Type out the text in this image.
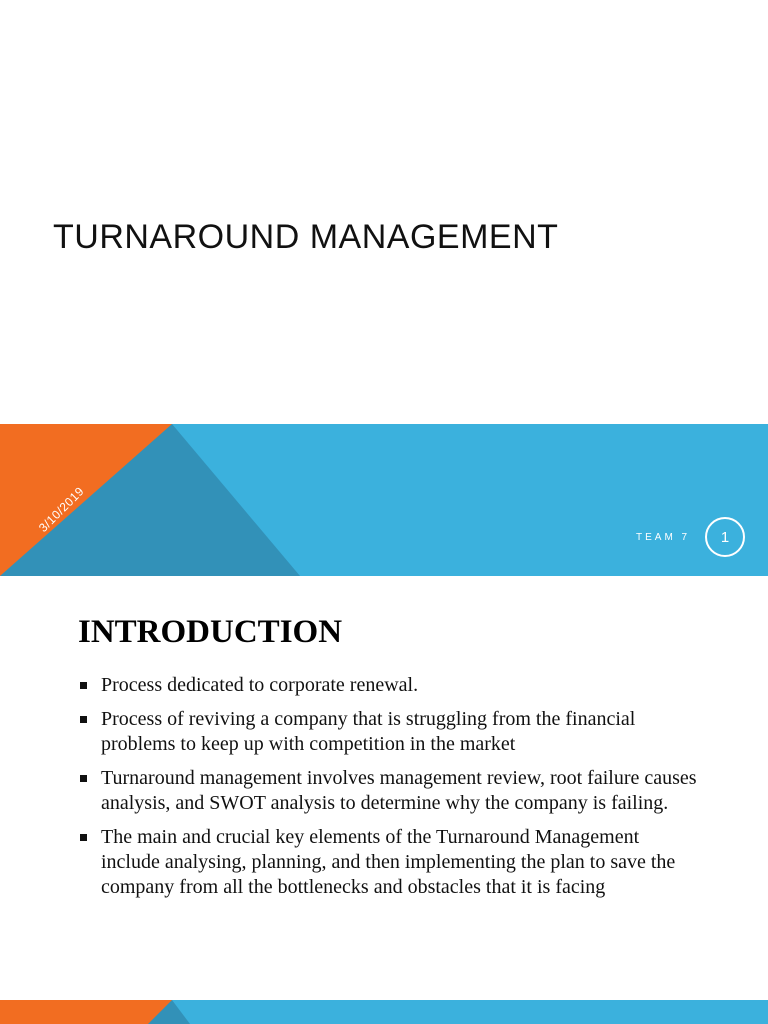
TURNAROUND MANAGEMENT
3/10/2019
TEAM 7 1
INTRODUCTION
Process dedicated to corporate renewal.
Process of reviving a company that is struggling from the financial problems to keep up with competition in the market
Turnaround management involves management review, root failure causes analysis, and SWOT analysis to determine why the company is failing.
The main and crucial key elements of the Turnaround Management include analysing, planning, and then implementing the plan to save the company from all the bottlenecks and obstacles that it is facing
